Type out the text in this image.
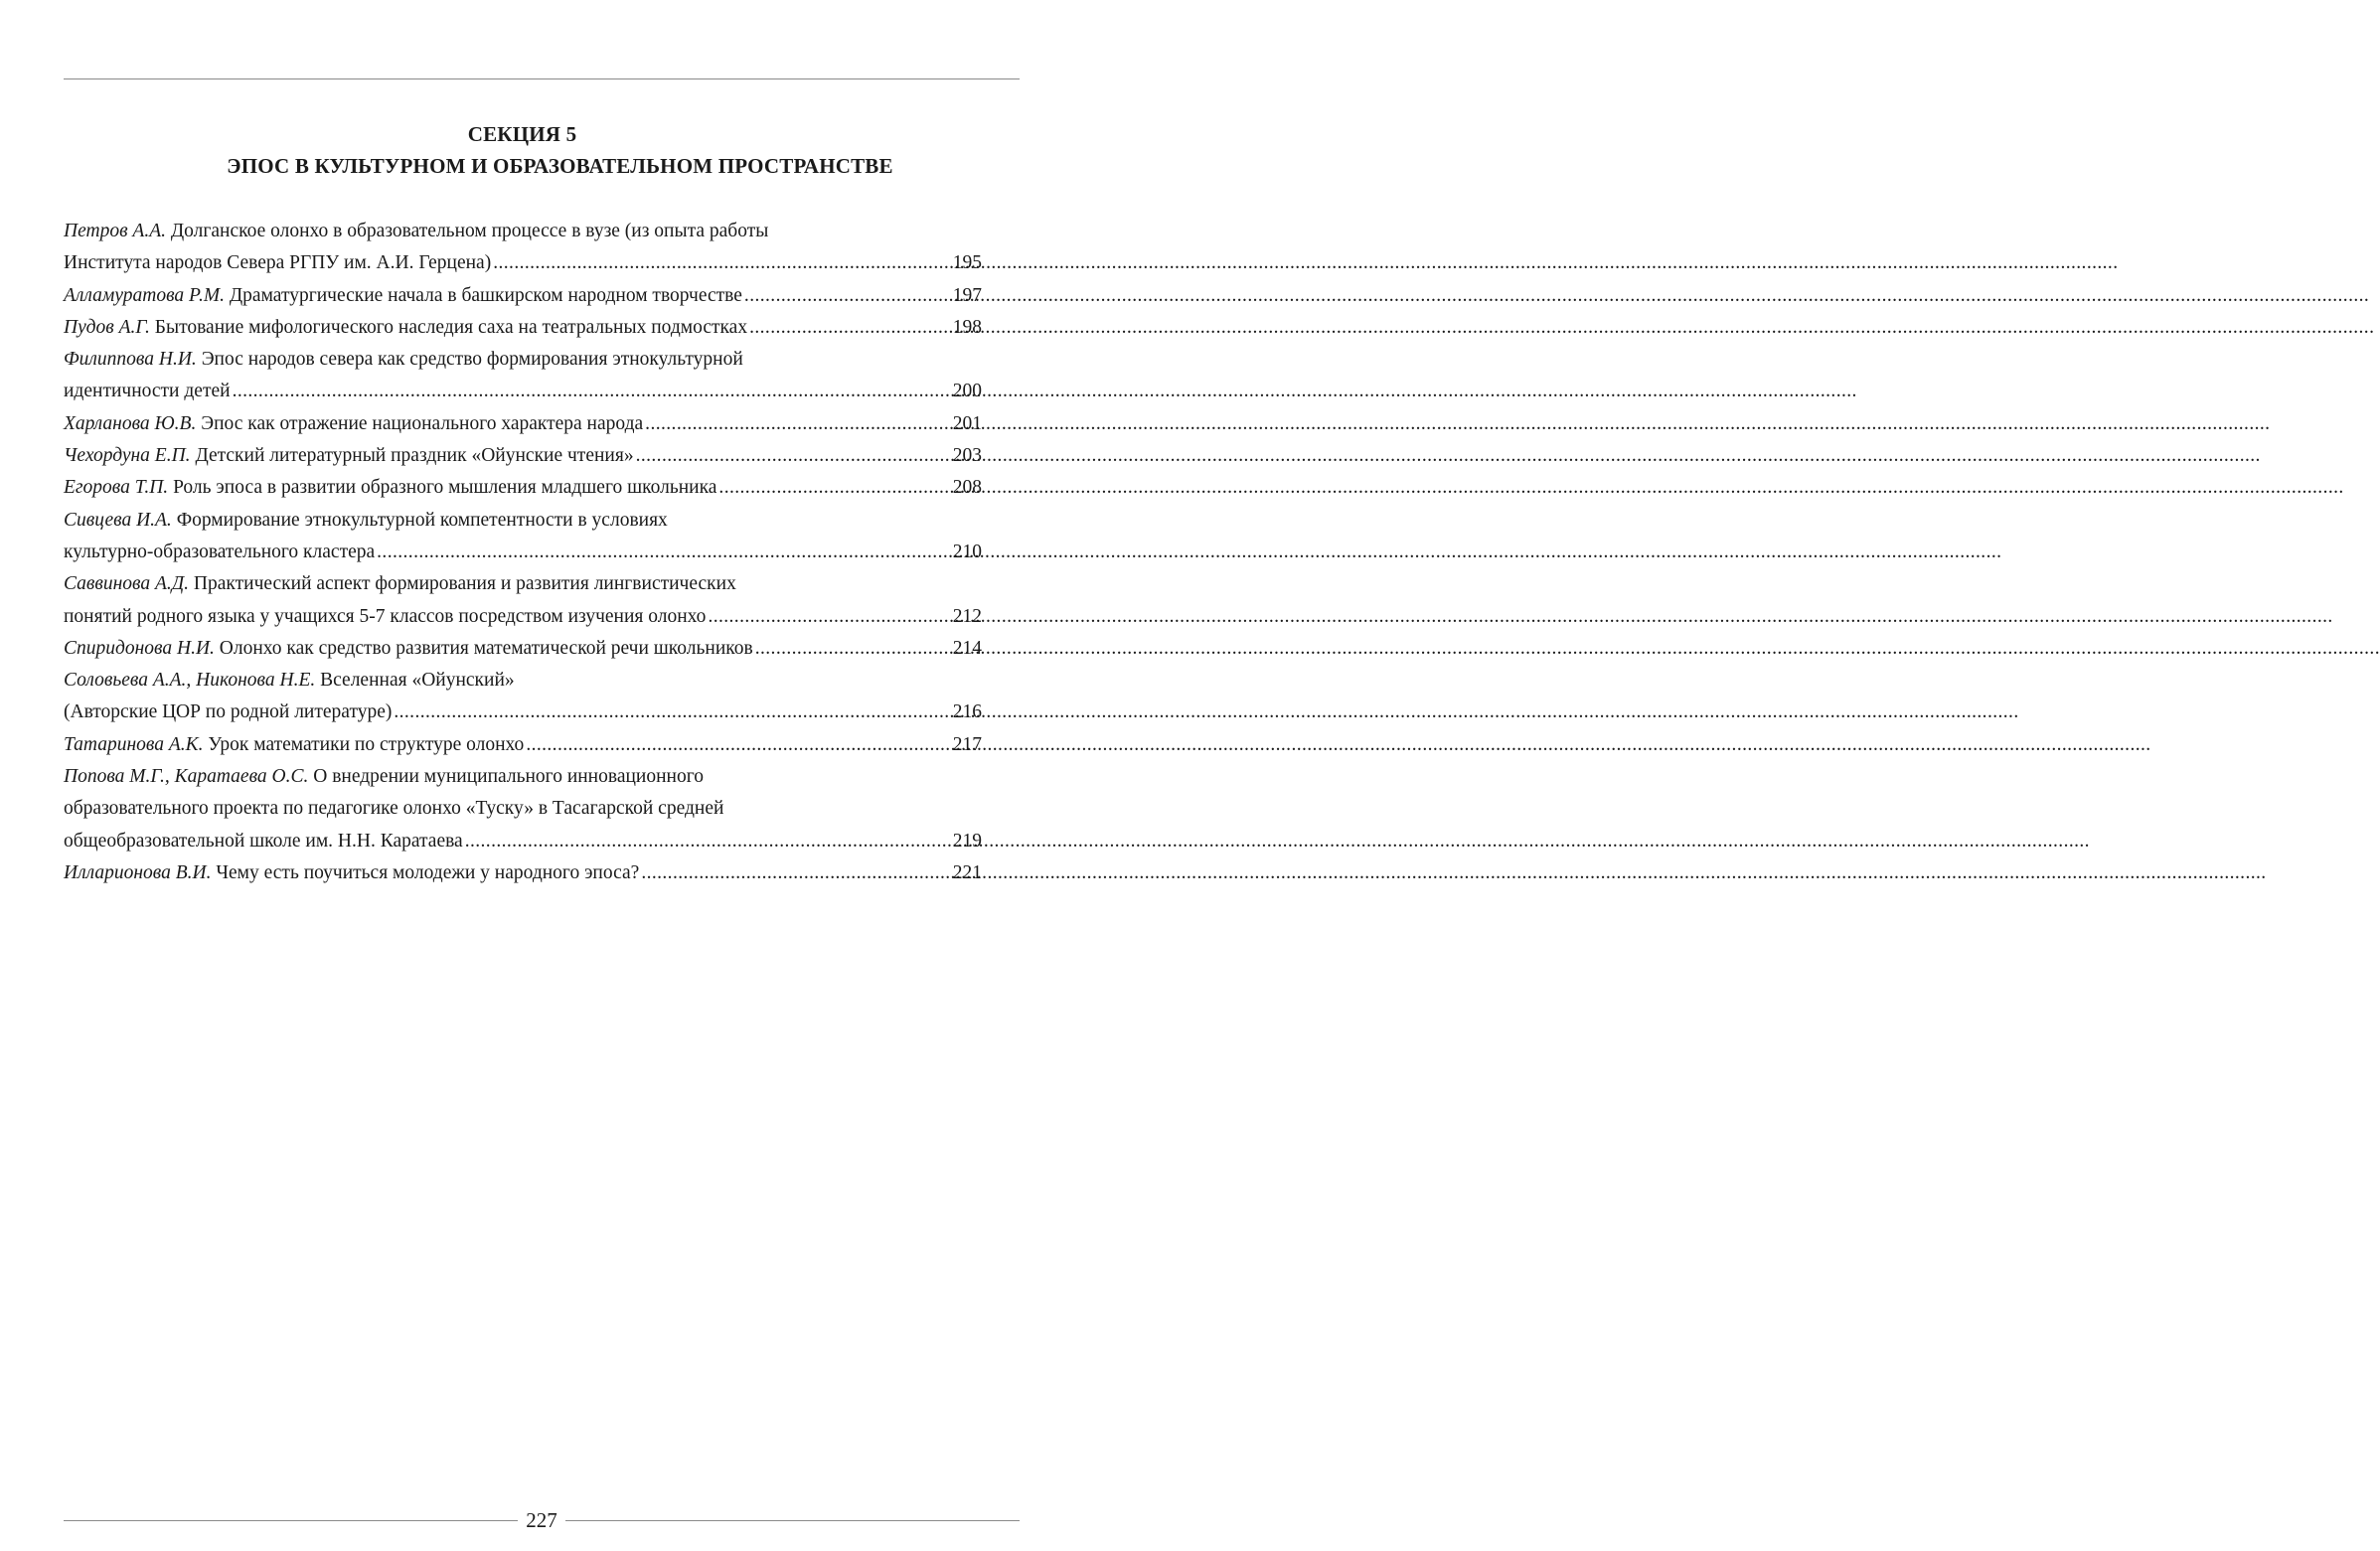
СЕКЦИЯ 5
ЭПОС В КУЛЬТУРНОМ И ОБРАЗОВАТЕЛЬНОМ ПРОСТРАНСТВЕ
Петров А.А. Долганское олонхо в образовательном процессе в вузе (из опыта работы
Института народов Севера РГПУ им. А.И. Герцена) .....	195
Алламуратова Р.М. Драматургические начала в башкирском народном творчестве .....	197
Пудов А.Г. Бытование мифологического наследия саха на театральных подмостках .....	198
Филиппова Н.И. Эпос народов севера как средство формирования этнокультурной
идентичности детей .....	200
Харланова Ю.В. Эпос как отражение национального характера народа .....	201
Чехордуна Е.П. Детский литературный праздник «Ойунские чтения» .....	203
Егорова Т.П. Роль эпоса в развитии образного мышления младшего школьника .....	208
Сивцева И.А. Формирование этнокультурной компетентности в условиях
культурно-образовательного кластера .....	210
Саввинова А.Д. Практический аспект формирования и развития лингвистических
понятий родного языка у учащихся 5-7 классов посредством изучения олонхо .....	212
Спиридонова Н.И. Олонхо как средство развития математической речи школьников .....	214
Соловьева А.А., Никонова Н.Е. Вселенная «Ойунский»
(Авторские ЦОР по родной литературе) .....	216
Татаринова А.К. Урок математики по структуре олонхо .....	217
Попова М.Г., Каратаева О.С. О внедрении муниципального инновационного
образовательного проекта по педагогике олонхо «Туску» в Тасагарской средней
общеобразовательной школе им. Н.Н. Каратаева .....	219
Илларионова В.И. Чему есть поучиться молодежи у народного эпоса? .....	221
227
